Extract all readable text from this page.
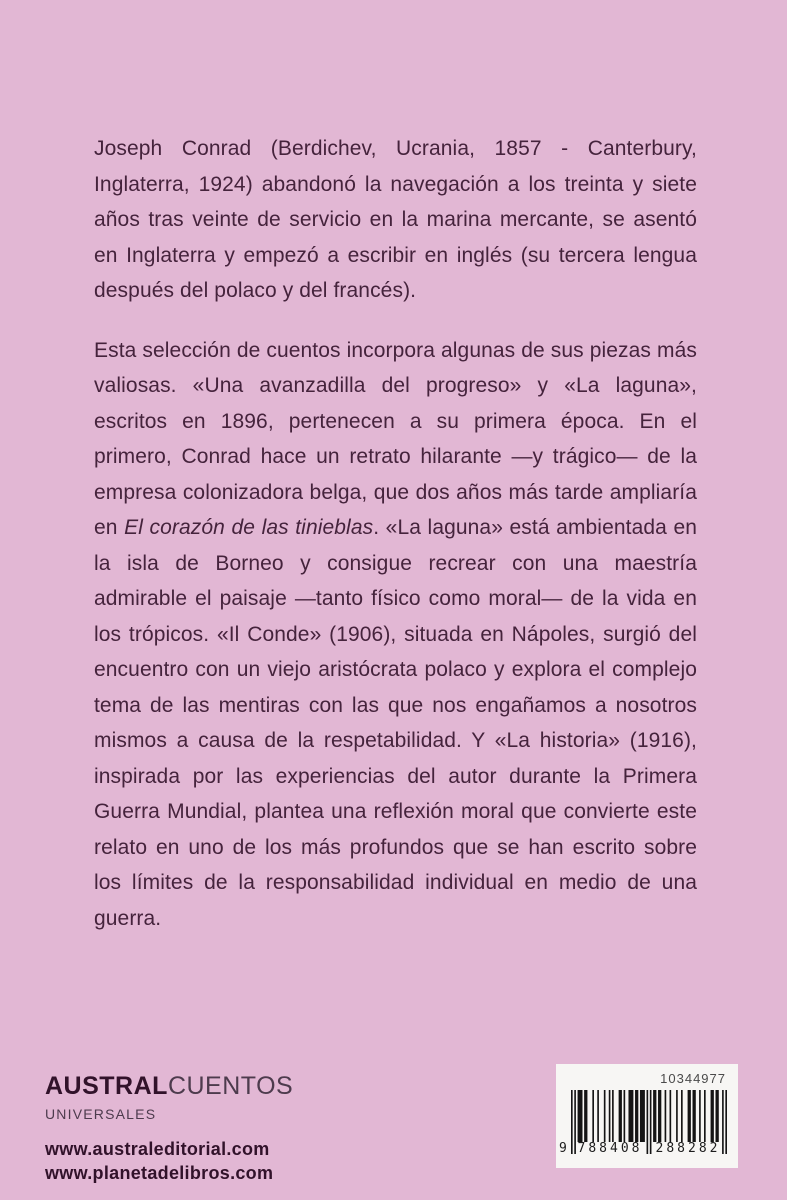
Joseph Conrad (Berdichev, Ucrania, 1857 - Canterbury, Inglaterra, 1924) abandonó la navegación a los treinta y siete años tras veinte de servicio en la marina mercante, se asentó en Inglaterra y empezó a escribir en inglés (su tercera lengua después del polaco y del francés).

Esta selección de cuentos incorpora algunas de sus piezas más valiosas. «Una avanzadilla del progreso» y «La laguna», escritos en 1896, pertenecen a su primera época. En el primero, Conrad hace un retrato hilarante —y trágico— de la empresa colonizadora belga, que dos años más tarde ampliaría en El corazón de las tinieblas. «La laguna» está ambientada en la isla de Borneo y consigue recrear con una maestría admirable el paisaje —tanto físico como moral— de la vida en los trópicos. «Il Conde» (1906), situada en Nápoles, surgió del encuentro con un viejo aristócrata polaco y explora el complejo tema de las mentiras con las que nos engañamos a nosotros mismos a causa de la respetabilidad. Y «La historia» (1916), inspirada por las experiencias del autor durante la Primera Guerra Mundial, plantea una reflexión moral que convierte este relato en uno de los más profundos que se han escrito sobre los límites de la responsabilidad individual en medio de una guerra.

AUSTRALCUENTOS
UNIVERSALES
www.australeditorial.com
www.planetadelibros.com
10344977
9 788408 288282
